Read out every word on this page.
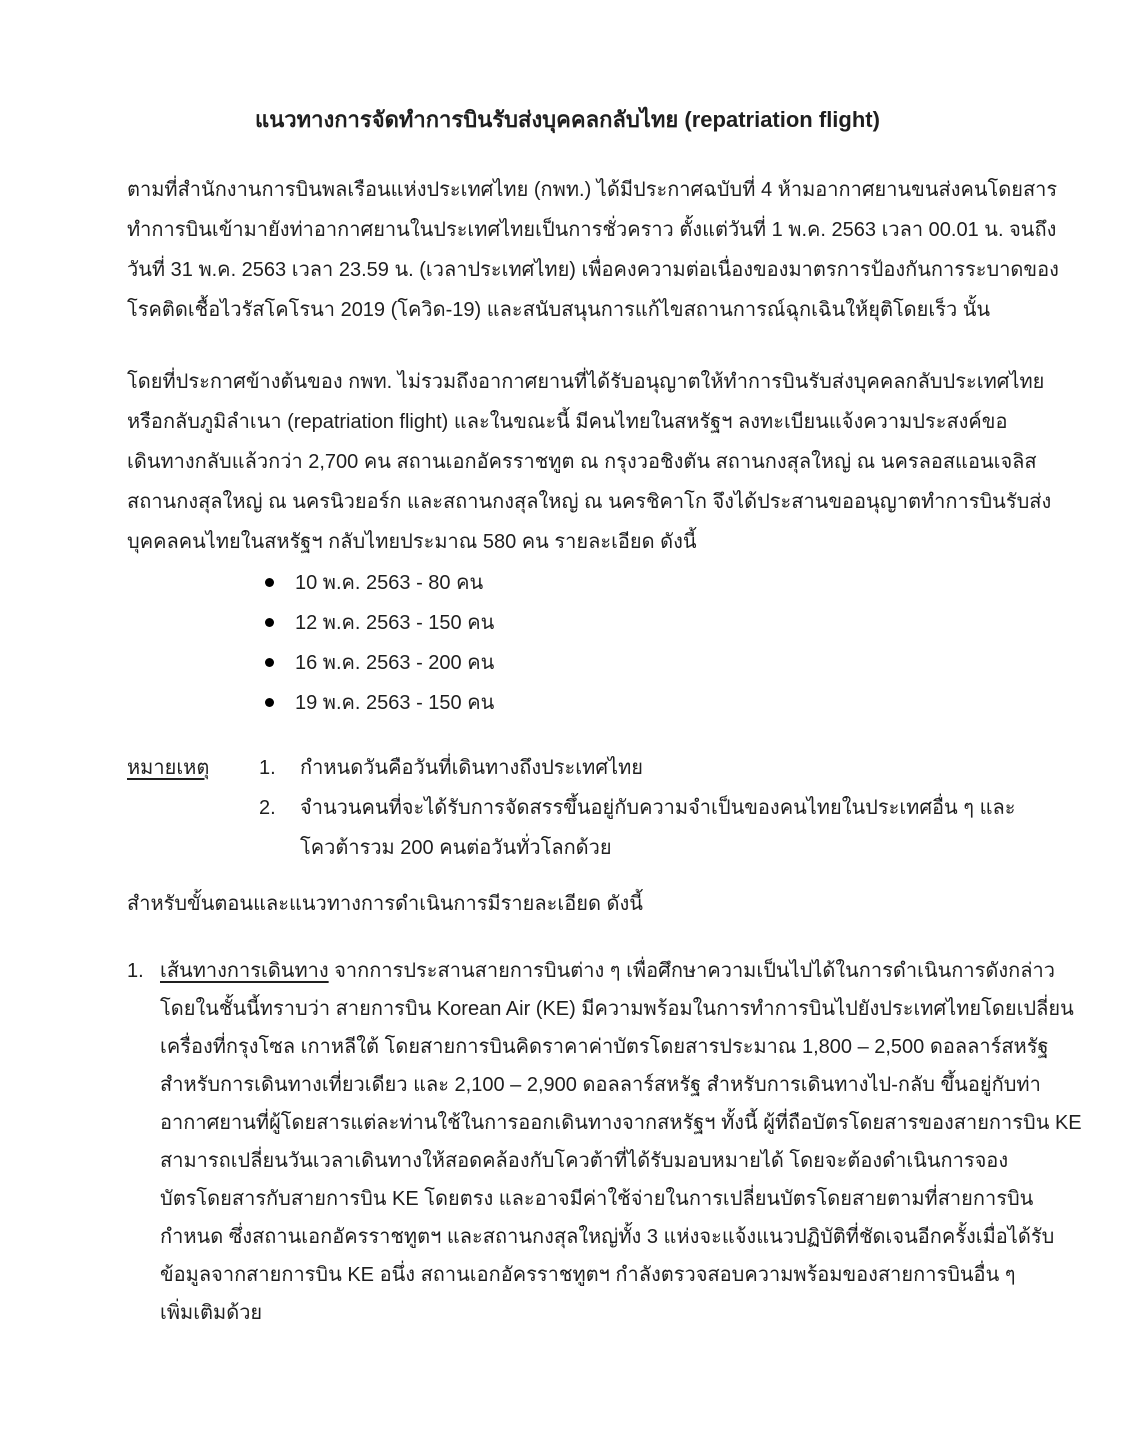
แนวทางการจัดทำการบินรับส่งบุคคลกลับไทย (repatriation flight)
ตามที่สำนักงานการบินพลเรือนแห่งประเทศไทย (กพท.) ได้มีประกาศฉบับที่ 4 ห้ามอากาศยานขนส่งคนโดยสาร
ทำการบินเข้ามายังท่าอากาศยานในประเทศไทยเป็นการชั่วคราว ตั้งแต่วันที่ 1 พ.ค. 2563 เวลา 00.01 น. จนถึง
วันที่ 31 พ.ค. 2563 เวลา 23.59 น. (เวลาประเทศไทย) เพื่อคงความต่อเนื่องของมาตรการป้องกันการระบาดของ
โรคติดเชื้อไวรัสโคโรนา 2019 (โควิด-19) และสนับสนุนการแก้ไขสถานการณ์ฉุกเฉินให้ยุติโดยเร็ว นั้น
โดยที่ประกาศข้างต้นของ กพท. ไม่รวมถึงอากาศยานที่ได้รับอนุญาตให้ทำการบินรับส่งบุคคลกลับประเทศไทย
หรือกลับภูมิลำเนา (repatriation flight) และในขณะนี้ มีคนไทยในสหรัฐฯ ลงทะเบียนแจ้งความประสงค์ขอ
เดินทางกลับแล้วกว่า 2,700 คน สถานเอกอัครราชทูต ณ กรุงวอชิงตัน สถานกงสุลใหญ่ ณ นครลอสแอนเจลิส
สถานกงสุลใหญ่ ณ นครนิวยอร์ก และสถานกงสุลใหญ่ ณ นครชิคาโก จึงได้ประสานขออนุญาตทำการบินรับส่ง
บุคคลคนไทยในสหรัฐฯ กลับไทยประมาณ 580 คน รายละเอียด ดังนี้
10 พ.ค. 2563 - 80 คน
12 พ.ค. 2563 - 150 คน
16 พ.ค. 2563 - 200 คน
19 พ.ค. 2563 - 150 คน
หมายเหตุ	1.	กำหนดวันคือวันที่เดินทางถึงประเทศไทย
2.	จำนวนคนที่จะได้รับการจัดสรรขึ้นอยู่กับความจำเป็นของคนไทยในประเทศอื่น ๆ และ
โควต้ารวม 200 คนต่อวันทั่วโลกด้วย
สำหรับขั้นตอนและแนวทางการดำเนินการมีรายละเอียด ดังนี้
1. เส้นทางการเดินทาง จากการประสานสายการบินต่าง ๆ เพื่อศึกษาความเป็นไปได้ในการดำเนินการดังกล่าว
โดยในชั้นนี้ทราบว่า สายการบิน Korean Air (KE) มีความพร้อมในการทำการบินไปยังประเทศไทยโดยเปลี่ยน
เครื่องที่กรุงโซล เกาหลีใต้ โดยสายการบินคิดราคาค่าบัตรโดยสารประมาณ 1,800 – 2,500 ดอลลาร์สหรัฐ
สำหรับการเดินทางเที่ยวเดียว และ 2,100 – 2,900 ดอลลาร์สหรัฐ สำหรับการเดินทางไป-กลับ ขึ้นอยู่กับท่า
อากาศยานที่ผู้โดยสารแต่ละท่านใช้ในการออกเดินทางจากสหรัฐฯ ทั้งนี้ ผู้ที่ถือบัตรโดยสารของสายการบิน KE
สามารถเปลี่ยนวันเวลาเดินทางให้สอดคล้องกับโควต้าที่ได้รับมอบหมายได้ โดยจะต้องดำเนินการจอง
บัตรโดยสารกับสายการบิน KE โดยตรง และอาจมีค่าใช้จ่ายในการเปลี่ยนบัตรโดยสายตามที่สายการบิน
กำหนด ซึ่งสถานเอกอัครราชทูตฯ และสถานกงสุลใหญ่ทั้ง 3 แห่งจะแจ้งแนวปฏิบัติที่ชัดเจนอีกครั้งเมื่อได้รับ
ข้อมูลจากสายการบิน KE อนึ่ง สถานเอกอัครราชทูตฯ กำลังตรวจสอบความพร้อมของสายการบินอื่น ๆ
เพิ่มเติมด้วย
